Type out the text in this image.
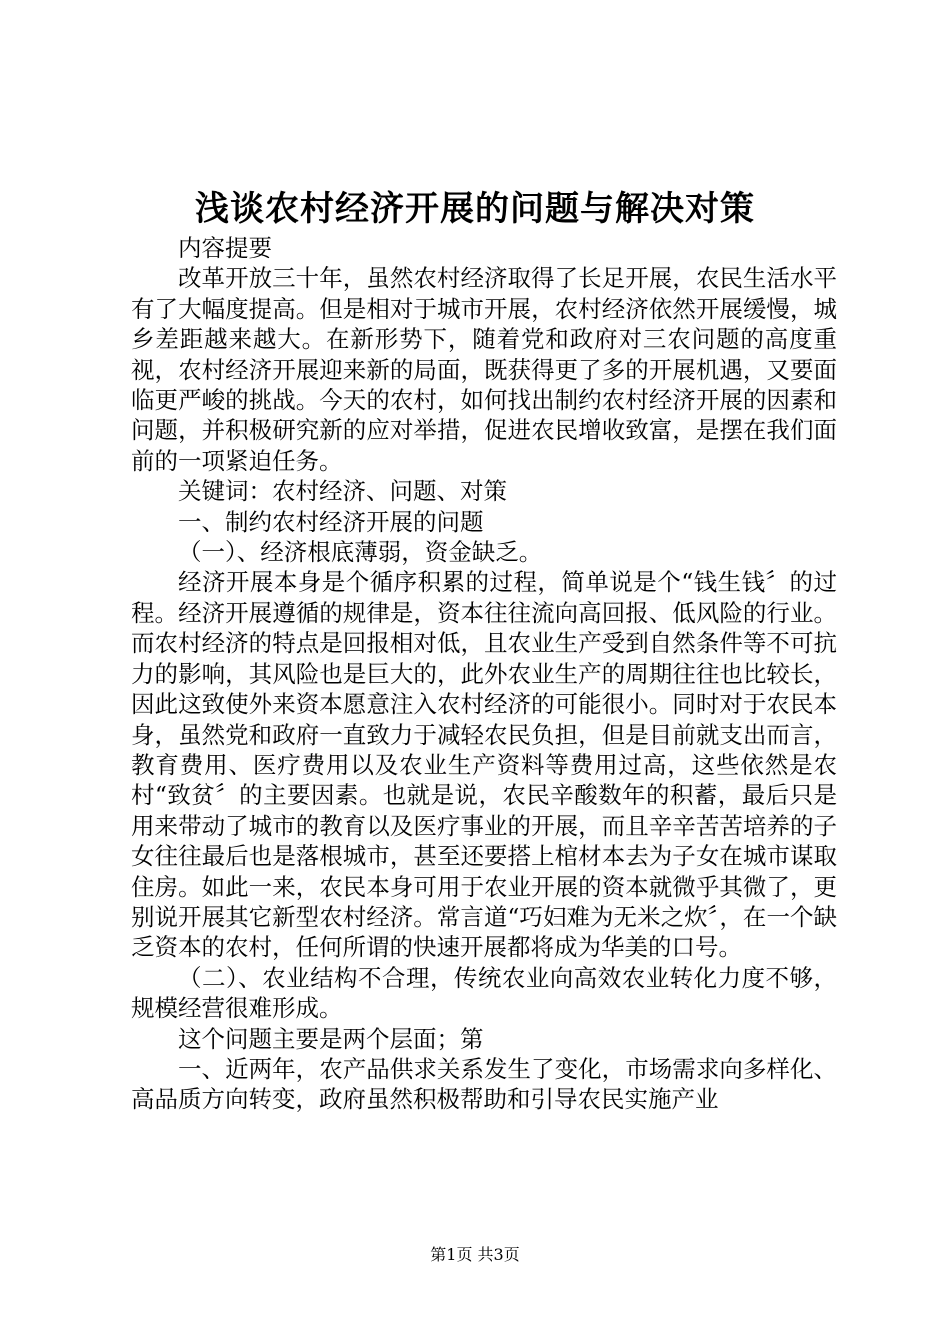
浅谈农村经济开展的问题与解决对策

内容提要

改革开放三十年，虽然农村经济取得了长足开展，农民生活水平有了大幅度提高。但是相对于城市开展，农村经济依然开展缓慢，城乡差距越来越大。在新形势下，随着党和政府对三农问题的高度重视，农村经济开展迎来新的局面，既获得更了多的开展机遇，又要面临更严峻的挑战。今天的农村，如何找出制约农村经济开展的因素和问题，并积极研究新的应对举措，促进农民增收致富，是摆在我们面前的一项紧迫任务。

关键词：农村经济、问题、对策

一、制约农村经济开展的问题

（一）、经济根底薄弱，资金缺乏。

经济开展本身是个循序积累的过程，简单说是个“钱生钱〞的过程。经济开展遵循的规律是，资本往往流向高回报、低风险的行业。而农村经济的特点是回报相对低，且农业生产受到自然条件等不可抗力的影响，其风险也是巨大的，此外农业生产的周期往往也比较长，因此这致使外来资本愿意注入农村经济的可能很小。同时对于农民本身，虽然党和政府一直致力于减轻农民负担，但是目前就支出而言，教育费用、医疗费用以及农业生产资料等费用过高，这些依然是农村“致贫〞的主要因素。也就是说，农民辛酸数年的积蓄，最后只是用来带动了城市的教育以及医疗事业的开展，而且辛辛苦苦培养的子女往往最后也是落根城市，甚至还要搭上棺材本去为子女在城市谋取住房。如此一来，农民本身可用于农业开展的资本就微乎其微了，更别说开展其它新型农村经济。常言道“巧妇难为无米之炊〞，在一个缺乏资本的农村，任何所谓的快速开展都将成为华美的口号。

（二）、农业结构不合理，传统农业向高效农业转化力度不够，规模经营很难形成。

这个问题主要是两个层面；第

一、近两年，农产品供求关系发生了变化，市场需求向多样化、高品质方向转变，政府虽然积极帮助和引导农民实施产业

第1页 共3页
